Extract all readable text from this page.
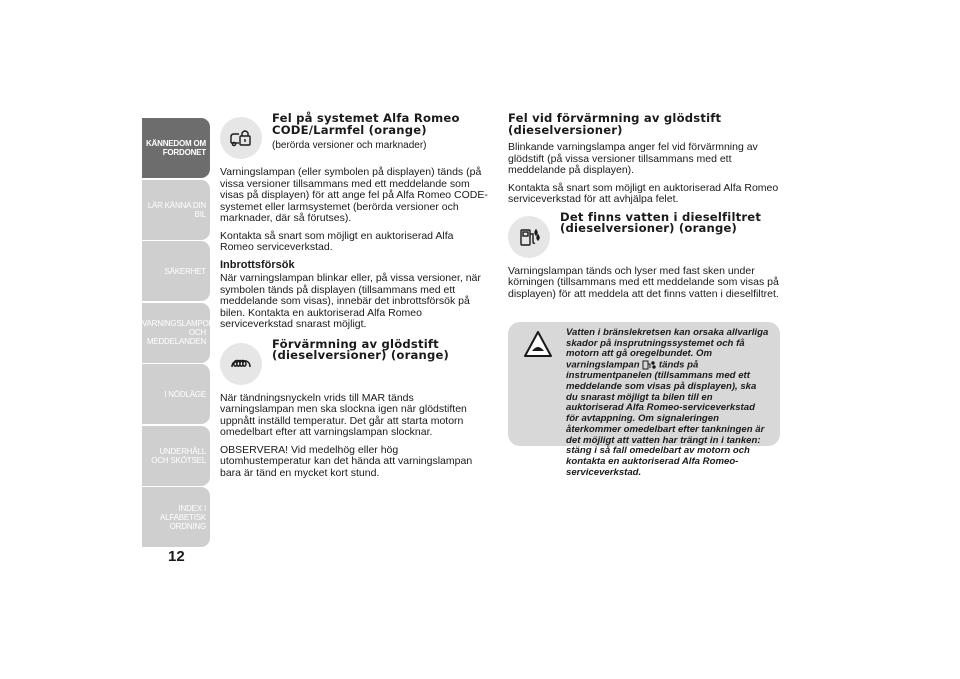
KÄNNEDOM OM FORDONET
LÄR KÄNNA DIN BIL
SÄKERHET
VARNINGSLAMPOR OCH MEDDELANDEN
I NÖDLÄGE
UNDERHÅLL OCH SKÖTSEL
INDEX I ALFABETISK ORDNING
12
Fel på systemet Alfa Romeo CODE/Larmfel (orange)
(berörda versioner och marknader)

Varningslampan (eller symbolen på displayen) tänds (på vissa versioner tillsammans med ett meddelande som visas på displayen) för att ange fel på Alfa Romeo CODE-systemet eller larmsystemet (berörda versioner och marknader, där så förutses).

Kontakta så snart som möjligt en auktoriserad Alfa Romeo serviceverkstad.

Inbrottsförsök

När varningslampan blinkar eller, på vissa versioner, när symbolen tänds på displayen (tillsammans med ett meddelande som visas), innebär det inbrottsförsök på bilen. Kontakta en auktoriserad Alfa Romeo serviceverkstad snarast möjligt.

Förvärmning av glödstift (dieselversioner) (orange)

När tändningsnyckeln vrids till MAR tänds varningslampan men ska slockna igen när glödstiften uppnått inställd temperatur. Det går att starta motorn omedelbart efter att varningslampan slocknar.

OBSERVERA! Vid medelhög eller hög utomhustemperatur kan det hända att varningslampan bara är tänd en mycket kort stund.

Fel vid förvärmning av glödstift (dieselversioner)

Blinkande varningslampa anger fel vid förvärmning av glödstift (på vissa versioner tillsammans med ett meddelande på displayen).

Kontakta så snart som möjligt en auktoriserad Alfa Romeo serviceverkstad för att avhjälpa felet.

Det finns vatten i dieselfiltret (dieselversioner) (orange)

Varningslampan tänds och lyser med fast sken under körningen (tillsammans med ett meddelande som visas på displayen) för att meddela att det finns vatten i dieselfiltret.

Vatten i bränslekretsen kan orsaka allvarliga skador på insprutningssystemet och få motorn att gå oregelbundet. Om varningslampan tänds på instrumentpanelen (tillsammans med ett meddelande som visas på displayen), ska du snarast möjligt ta bilen till en auktoriserad Alfa Romeo-serviceverkstad för avtappning. Om signaleringen återkommer omedelbart efter tankningen är det möjligt att vatten har trängt in i tanken: stäng i så fall omedelbart av motorn och kontakta en auktoriserad Alfa Romeo-serviceverkstad.
